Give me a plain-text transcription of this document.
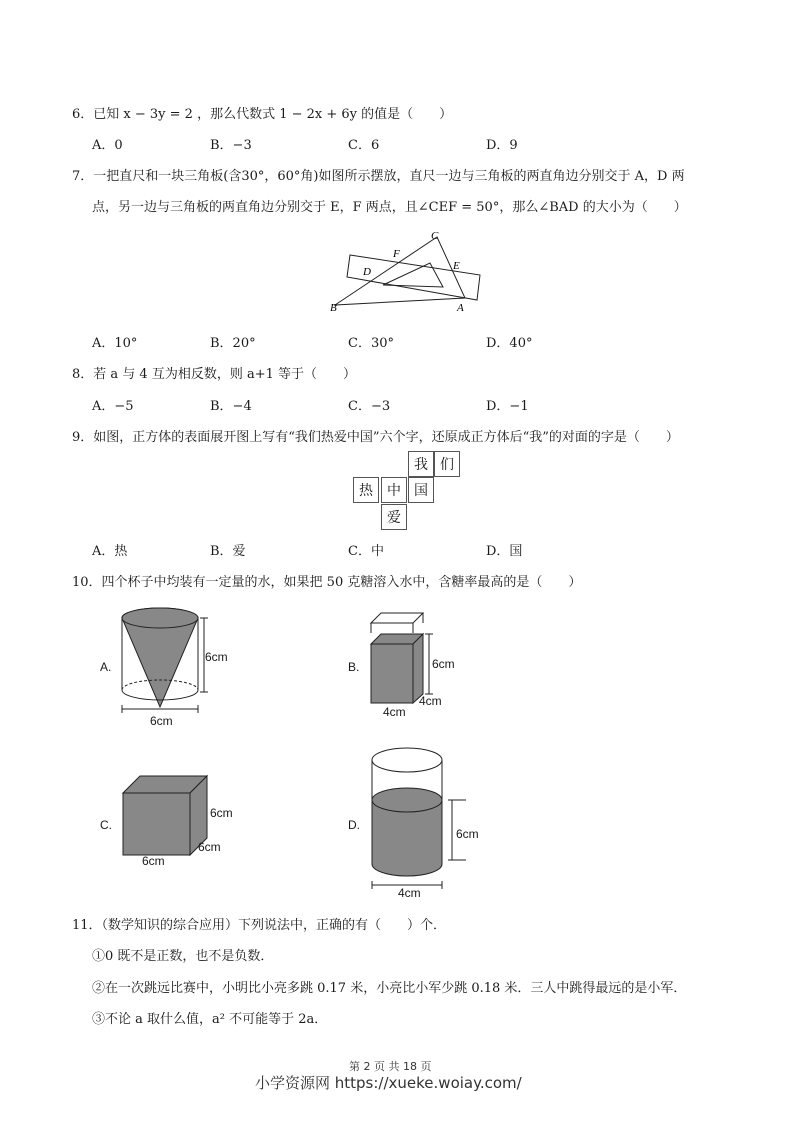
6．已知 x − 3y = 2 ，那么代数式 1 − 2x + 6y 的值是（　　）
A．0	B．−3	C．6	D．9
7．一把直尺和一块三角板(含30°，60°角)如图所示摆放，直尺一边与三角板的两直角边分别交于 A，D 两
点，另一边与三角板的两直角边分别交于 E，F 两点，且∠CEF = 50°，那么∠BAD 的大小为（　　）
C
F
E
D
B	A
A．10°	B．20°	C．30°	D．40°
8．若 a 与 4 互为相反数，则 a+1 等于（　　）
A．−5	B．−4	C．−3	D．−1
9．如图，正方体的表面展开图上写有“我们热爱中国”六个字，还原成正方体后“我”的对面的字是（　　）
我 们
热	中 国
爱
A．热	B．爱	C．中	D．国
10．四个杯子中均装有一定量的水，如果把 50 克糖溶入水中，含糖率最高的是（　　）
A.
6cm
6cm
B.	6cm
4cm
4cm
C.
6cm
6cm
6cm
D.
6cm
4cm
11．（数学知识的综合应用）下列说法中，正确的有（　　）个．
①0 既不是正数，也不是负数．
②在一次跳远比赛中，小明比小亮多跳 0.17 米，小亮比小军少跳 0.18 米．三人中跳得最远的是小军．
③不论 a 取什么值，a² 不可能等于 2a．
第 2 页 共 18 页
小学资源网 https://xueke.woiay.com/
